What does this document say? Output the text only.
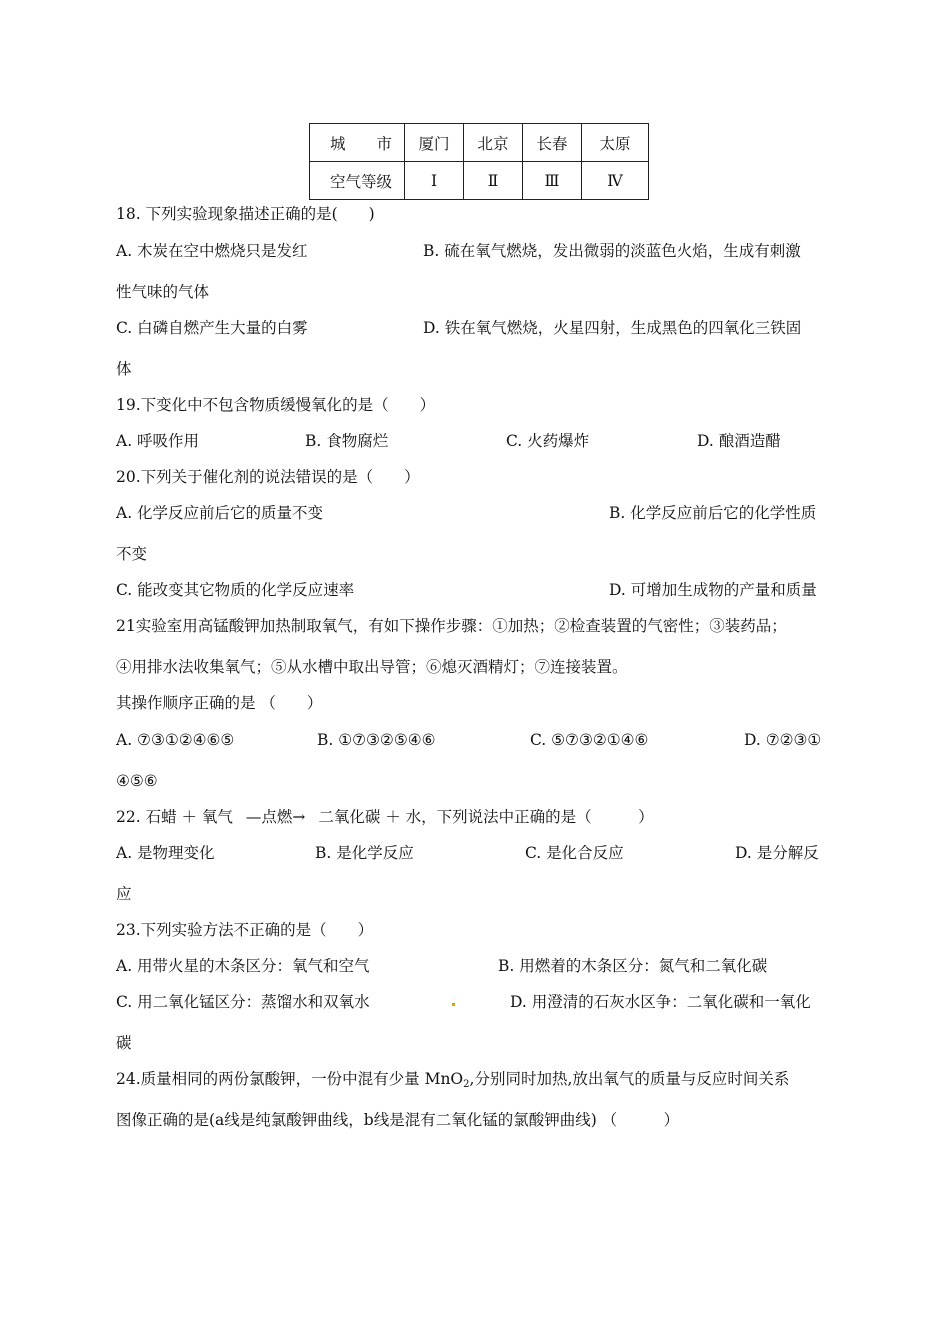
城　　市	厦门	北京	长春	太原
空气等级	Ⅰ	Ⅱ	Ⅲ	Ⅳ
18. 下列实验现象描述正确的是(　　)
A. 木炭在空中燃烧只是发红	B. 硫在氧气燃烧，发出微弱的淡蓝色火焰，生成有刺激
性气味的气体
C. 白磷自燃产生大量的白雾	D. 铁在氧气燃烧，火星四射，生成黑色的四氧化三铁固
体
19.下变化中不包含物质缓慢氧化的是（　　）
A. 呼吸作用	B. 食物腐烂	C. 火药爆炸	D. 酿酒造醋
20.下列关于催化剂的说法错误的是（　　）
A. 化学反应前后它的质量不变	B. 化学反应前后它的化学性质
不变
C. 能改变其它物质的化学反应速率	D. 可增加生成物的产量和质量
21实验室用高锰酸钾加热制取氧气，有如下操作步骤：①加热；②检查装置的气密性；③装药品；
④用排水法收集氧气；⑤从水槽中取出导管；⑥熄灭酒精灯；⑦连接装置。
其操作顺序正确的是 （　　）
A. ⑦③①②④⑥⑤	B. ①⑦③②⑤④⑥	C. ⑤⑦③②①④⑥	D. ⑦②③①
④⑤⑥
22. 石蜡 ＋ 氧气 —点燃→ 二氧化碳 ＋ 水，下列说法中正确的是（　　　）
A. 是物理变化	B. 是化学反应	C. 是化合反应	D. 是分解反
应
23.下列实验方法不正确的是（　　）
A. 用带火星的木条区分：氧气和空气	B. 用燃着的木条区分：氮气和二氧化碳
C. 用二氧化锰区分：蒸馏水和双氧水	D. 用澄清的石灰水区争：二氧化碳和一氧化
碳
24.质量相同的两份氯酸钾，一份中混有少量 MnO$_2$,分别同时加热,放出氧气的质量与反应时间关系
图像正确的是(a线是纯氯酸钾曲线，b线是混有二氧化锰的氯酸钾曲线) （　　　）
